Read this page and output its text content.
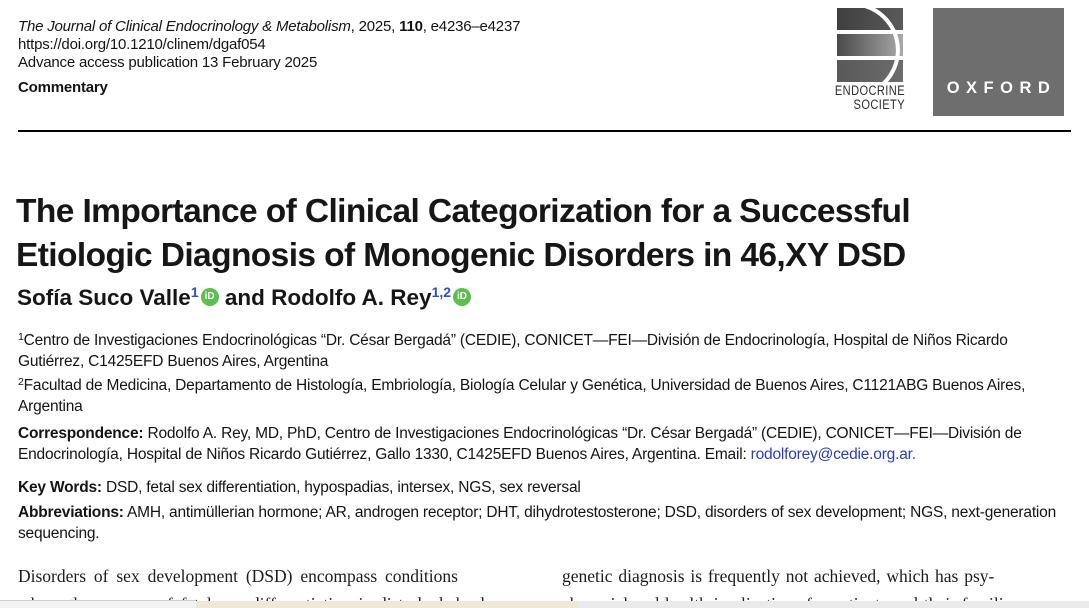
The Journal of Clinical Endocrinology & Metabolism, 2025, 110, e4236–e4237
https://doi.org/10.1210/clinem/dgaf054
Advance access publication 13 February 2025
Commentary	ENDOCRINE
SOCIETY
OXFORD
The Importance of Clinical Categorization for a Successful
Etiologic Diagnosis of Monogenic Disorders in 46,XY DSD
Sofía Suco Valle$^1$ iD and Rodolfo A. Rey$^{1,2}$ iD
$^1$Centro de Investigaciones Endocrinológicas “Dr. César Bergadá” (CEDIE), CONICET—FEI—División de Endocrinología, Hospital de Niños Ricardo Gutiérrez, C1425EFD Buenos Aires, Argentina
$^2$Facultad de Medicina, Departamento de Histología, Embriología, Biología Celular y Genética, Universidad de Buenos Aires, C1121ABG Buenos Aires, Argentina
Correspondence: Rodolfo A. Rey, MD, PhD, Centro de Investigaciones Endocrinológicas “Dr. César Bergadá” (CEDIE), CONICET—FEI—División de Endocrinología, Hospital de Niños Ricardo Gutiérrez, Gallo 1330, C1425EFD Buenos Aires, Argentina. Email: rodolforey@cedie.org.ar.
Key Words: DSD, fetal sex differentiation, hypospadias, intersex, NGS, sex reversal
Abbreviations: AMH, antimüllerian hormone; AR, androgen receptor; DHT, dihydrotestosterone; DSD, disorders of sex development; NGS, next-generation sequencing.
Disorders of sex development (DSD) encompass conditions	genetic diagnosis is frequently not achieved, which has psy-
